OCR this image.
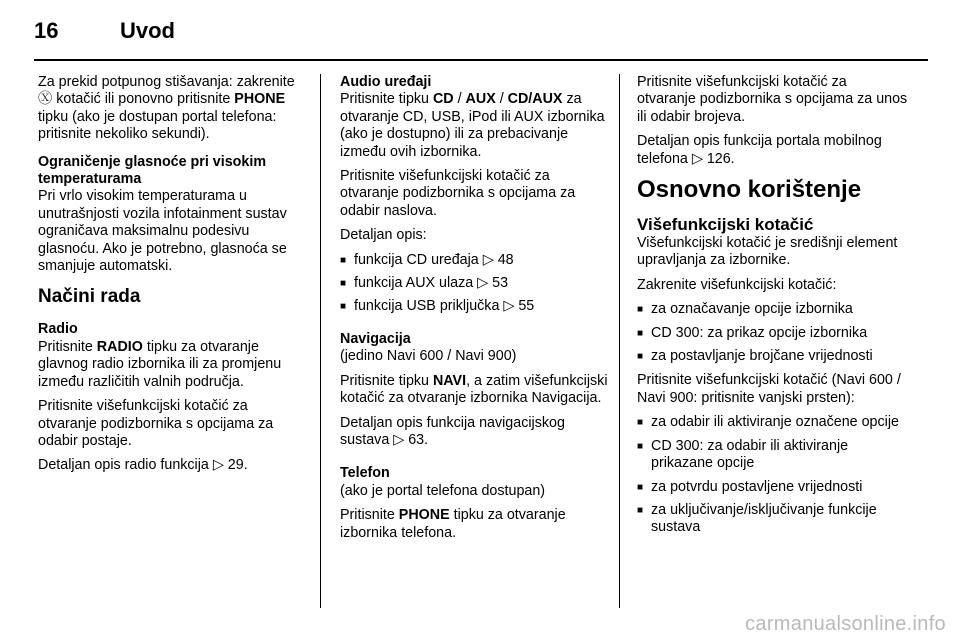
16	Uvod

Za prekid potpunog stišavanja: zakrenite Ⓧ kotačić ili ponovno pritisnite PHONE tipku (ako je dostupan portal telefona: pritisnite nekoliko sekundi).

Ograničenje glasnoće pri visokim temperaturama

Pri vrlo visokim temperaturama u unutrašnjosti vozila infotainment sustav ograničava maksimalnu podesivu glasnoću. Ako je potrebno, glasnoća se smanjuje automatski.

Načini rada
Radio

Pritisnite RADIO tipku za otvaranje glavnog radio izbornika ili za promjenu između različitih valnih područja.

Pritisnite višefunkcijski kotačić za otvaranje podizbornika s opcijama za odabir postaje.

Detaljan opis radio funkcija ▷ 29.

Audio uređaji

Pritisnite tipku CD / AUX / CD/AUX za otvaranje CD, USB, iPod ili AUX izbornika (ako je dostupno) ili za prebacivanje između ovih izbornika.

Pritisnite višefunkcijski kotačić za otvaranje podizbornika s opcijama za odabir naslova.

Detaljan opis:

■ funkcija CD uređaja ▷ 48
■ funkcija AUX ulaza ▷ 53
■ funkcija USB priključka ▷ 55
Navigacija

(jedino Navi 600 / Navi 900)

Pritisnite tipku NAVI, a zatim višefunkcijski kotačić za otvaranje izbornika Navigacija.

Detaljan opis funkcija navigacijskog sustava ▷ 63.

Telefon

(ako je portal telefona dostupan)

Pritisnite PHONE tipku za otvaranje izbornika telefona.

Pritisnite višefunkcijski kotačić za otvaranje podizbornika s opcijama za unos ili odabir brojeva.

Detaljan opis funkcija portala mobilnog telefona ▷ 126.

Osnovno korištenje
Višefunkcijski kotačić

Višefunkcijski kotačić je središnji element upravljanja za izbornike.

Zakrenite višefunkcijski kotačić:

■ za označavanje opcije izbornika
■ CD 300: za prikaz opcije izbornika
■ za postavljanje brojčane vrijednosti

Pritisnite višefunkcijski kotačić (Navi 600 / Navi 900: pritisnite vanjski prsten):

■ za odabir ili aktiviranje označene opcije
■ CD 300: za odabir ili aktiviranje prikazane opcije
■ za potvrdu postavljene vrijednosti
■ za uključivanje/isključivanje funkcije sustava
carmanualsonline.info
